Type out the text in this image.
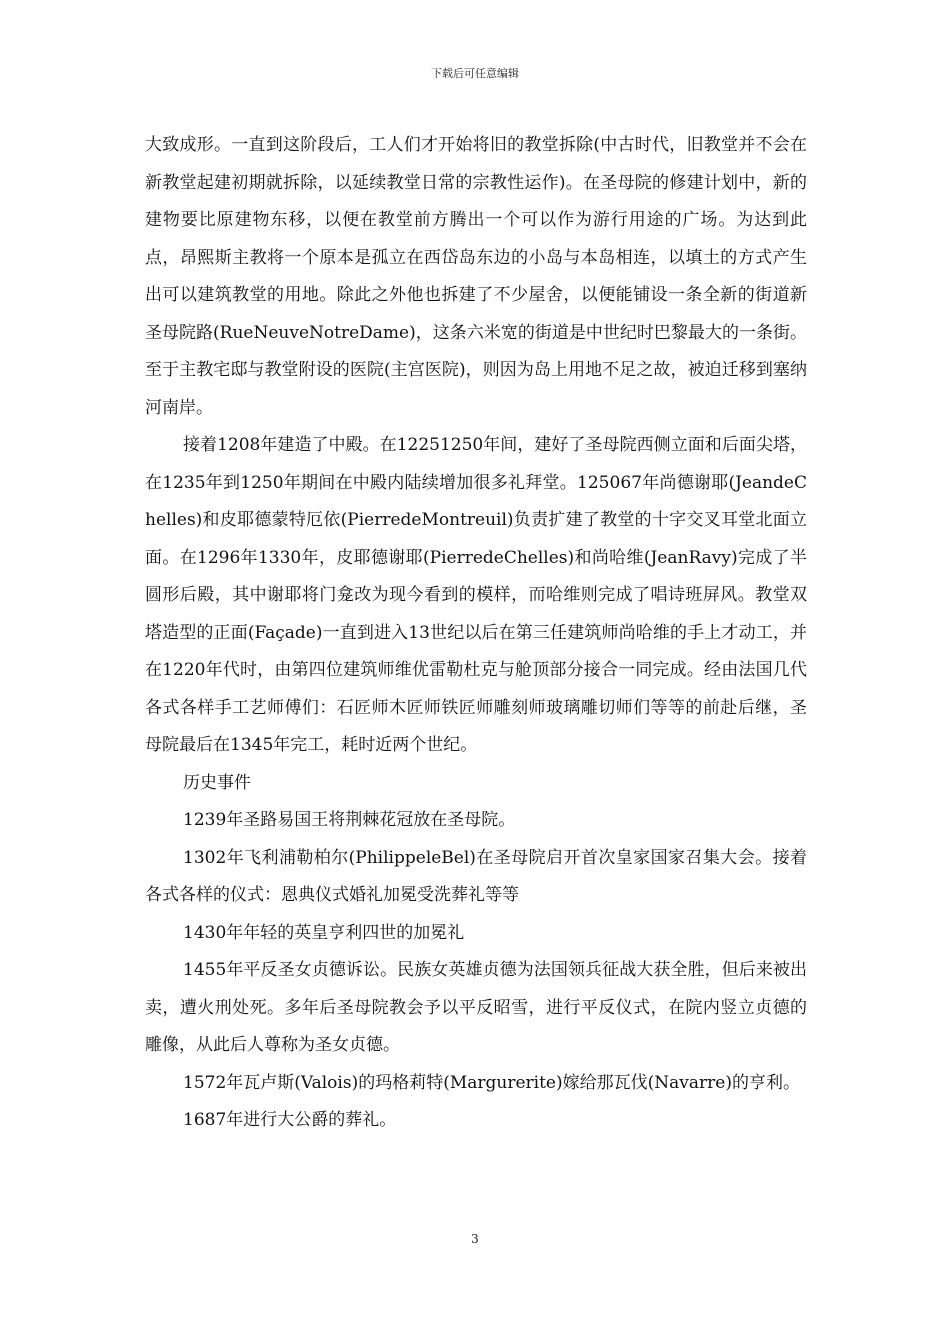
下载后可任意编辑

大致成形。一直到这阶段后，工人们才开始将旧的教堂拆除(中古时代，旧教堂并不会在新教堂起建初期就拆除，以延续教堂日常的宗教性运作)。在圣母院的修建计划中，新的建物要比原建物东移，以便在教堂前方腾出一个可以作为游行用途的广场。为达到此点，昂熙斯主教将一个原本是孤立在西岱岛东边的小岛与本岛相连，以填土的方式产生出可以建筑教堂的用地。除此之外他也拆建了不少屋舍，以便能铺设一条全新的街道新圣母院路(RueNeuveNotreDame)，这条六米宽的街道是中世纪时巴黎最大的一条街。至于主教宅邸与教堂附设的医院(主宫医院)，则因为岛上用地不足之故，被迫迁移到塞纳河南岸。

接着1208年建造了中殿。在12251250年间，建好了圣母院西侧立面和后面尖塔，在1235年到1250年期间在中殿内陆续增加很多礼拜堂。125067年尚德谢耶(JeandeChelles)和皮耶德蒙特厄依(PierredeMontreuil)负责扩建了教堂的十字交叉耳堂北面立面。在1296年1330年，皮耶德谢耶(PierredeChelles)和尚哈维(JeanRavy)完成了半圆形后殿，其中谢耶将门龛改为现今看到的模样，而哈维则完成了唱诗班屏风。教堂双塔造型的正面(Façade)一直到进入13世纪以后在第三任建筑师尚哈维的手上才动工，并在1220年代时，由第四位建筑师维优雷勒杜克与舱顶部分接合一同完成。经由法国几代各式各样手工艺师傅们：石匠师木匠师铁匠师雕刻师玻璃雕切师们等等的前赴后继，圣母院最后在1345年完工，耗时近两个世纪。

历史事件

1239年圣路易国王将荆棘花冠放在圣母院。

1302年飞利浦勒柏尔(PhilippeleBel)在圣母院启开首次皇家国家召集大会。接着各式各样的仪式：恩典仪式婚礼加冕受洗葬礼等等

1430年年轻的英皇亨利四世的加冕礼

1455年平反圣女贞德诉讼。民族女英雄贞德为法国领兵征战大获全胜，但后来被出卖，遭火刑处死。多年后圣母院教会予以平反昭雪，进行平反仪式，在院内竖立贞德的雕像，从此后人尊称为圣女贞德。

1572年瓦卢斯(Valois)的玛格莉特(Margurerite)嫁给那瓦伐(Navarre)的亨利。

1687年进行大公爵的葬礼。

3
